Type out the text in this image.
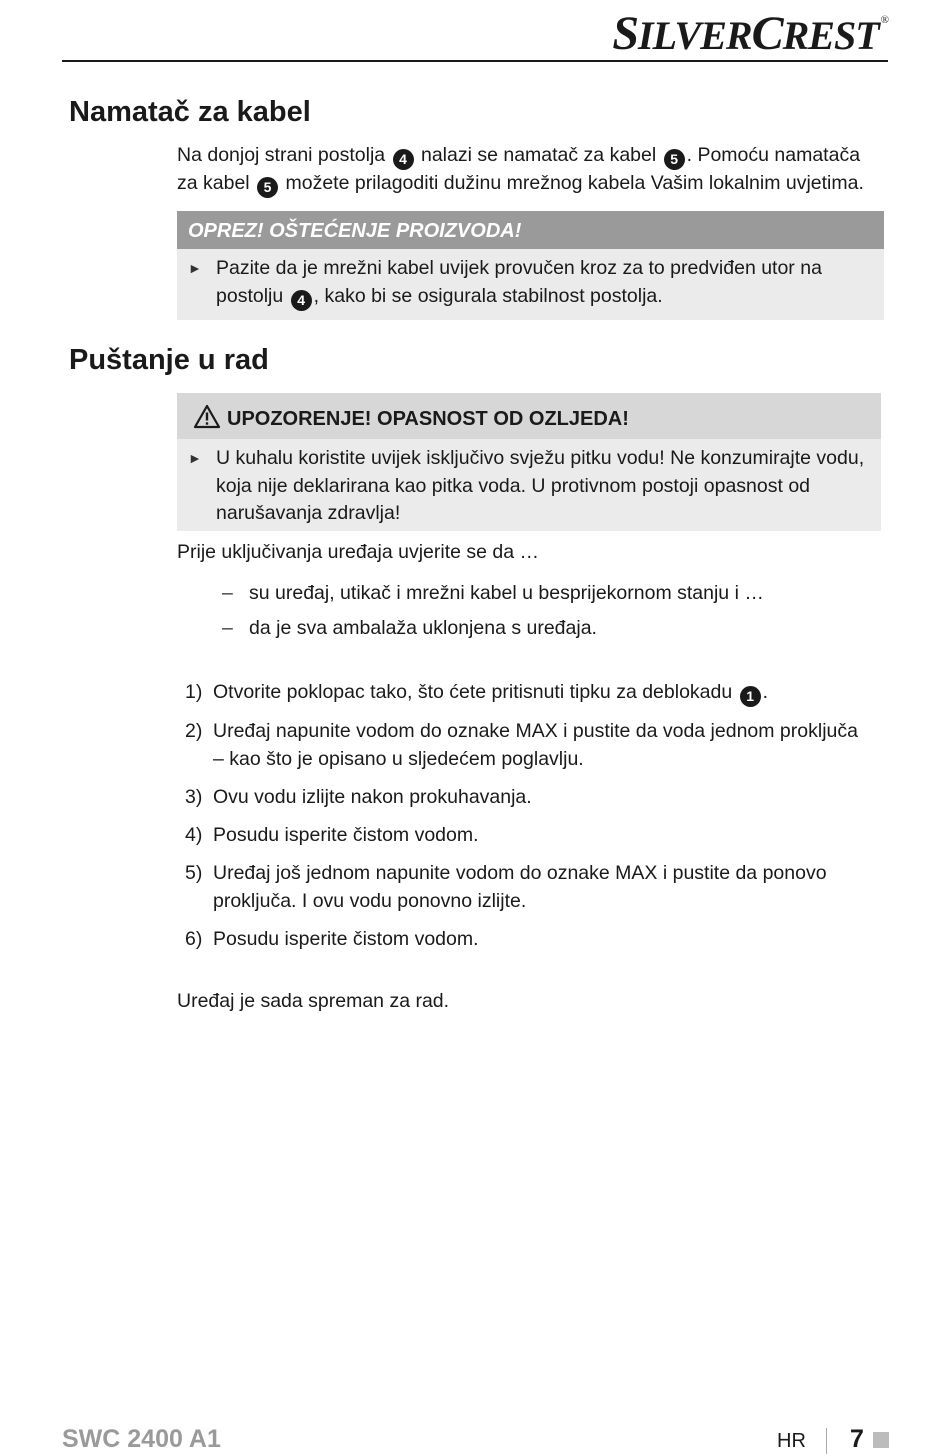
SILVERCREST ®
Namatač za kabel

Na donjoj strani postolja 4 nalazi se namatač za kabel 5 . Pomoću namatača
za kabel 5 možete prilagoditi dužinu mrežnog kabela Vašim lokalnim uvjetima.

OPREZ! OŠTEĆENJE PROIZVODA!
► Pazite da je mrežni kabel uvijek provučen kroz za to predviđen utor na
postolju 4 , kako bi se osigurala stabilnost postolja.
Puštanje u rad
UPOZORENJE! OPASNOST OD OZLJEDA!
► U kuhalu koristite uvijek isključivo svježu pitku vodu! Ne konzumirajte vodu,
koja nije deklarirana kao pitka voda. U protivnom postoji opasnost od
narušavanja zdravlja!

Prije uključivanja uređaja uvjerite se da …

– su uređaj, utikač i mrežni kabel u besprijekornom stanju i …
– da je sva ambalaža uklonjena s uređaja.
1) Otvorite poklopac tako, što ćete pritisnuti tipku za deblokadu 1 .
2) Uređaj napunite vodom do oznake MAX i pustite da voda jednom proključa
– kao što je opisano u sljedećem poglavlju.
3) Ovu vodu izlijte nakon prokuhavanja.
4) Posudu isperite čistom vodom.
5) Uređaj još jednom napunite vodom do oznake MAX i pustite da ponovo
proključa. I ovu vodu ponovno izlijte.
6) Posudu isperite čistom vodom.

Uređaj je sada spreman za rad.

SWC 2400 A1	HR 7
